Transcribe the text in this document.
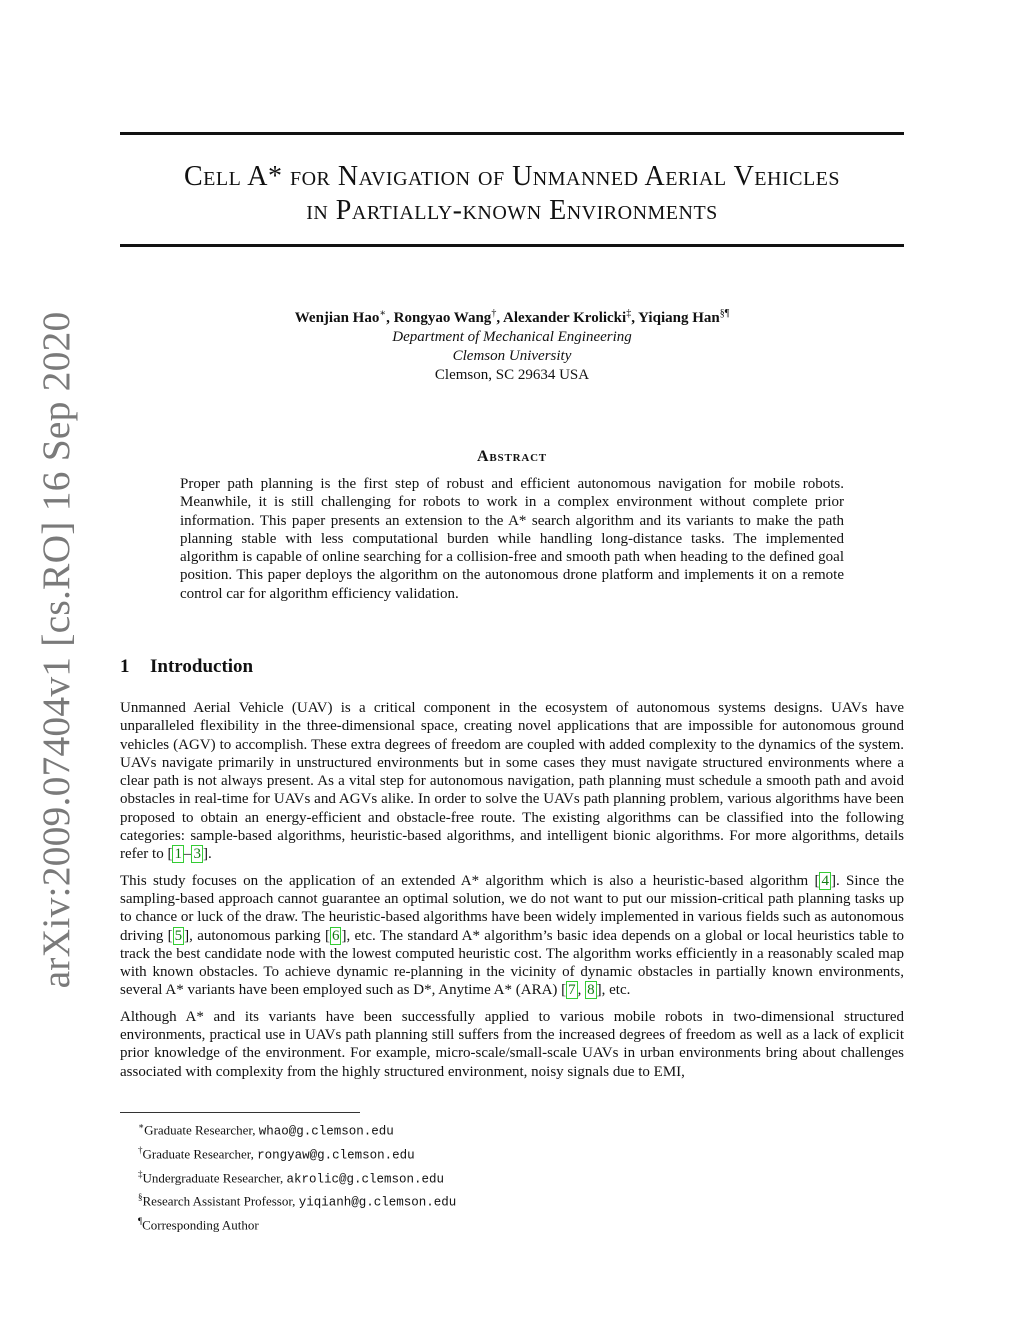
arXiv:2009.07404v1 [cs.RO] 16 Sep 2020
Cell A* for Navigation of Unmanned Aerial Vehicles
in Partially-known Environments
Wenjian Hao∗, Rongyao Wang†, Alexander Krolicki‡, Yiqiang Han§¶
Department of Mechanical Engineering
Clemson University
Clemson, SC 29634 USA
Abstract
Proper path planning is the first step of robust and efficient autonomous navigation for mobile robots. Meanwhile, it is still challenging for robots to work in a complex environment without complete prior information. This paper presents an extension to the A* search algorithm and its variants to make the path planning stable with less computational burden while handling long-distance tasks. The implemented algorithm is capable of online searching for a collision-free and smooth path when heading to the defined goal position. This paper deploys the algorithm on the autonomous drone platform and implements it on a remote control car for algorithm efficiency validation.
1 Introduction

Unmanned Aerial Vehicle (UAV) is a critical component in the ecosystem of autonomous systems designs. UAVs have unparalleled flexibility in the three-dimensional space, creating novel applications that are impossible for autonomous ground vehicles (AGV) to accomplish. These extra degrees of freedom are coupled with added complexity to the dynamics of the system. UAVs navigate primarily in unstructured environments but in some cases they must navigate structured environments where a clear path is not always present. As a vital step for autonomous navigation, path planning must schedule a smooth path and avoid obstacles in real-time for UAVs and AGVs alike. In order to solve the UAVs path planning problem, various algorithms have been proposed to obtain an energy-efficient and obstacle-free route. The existing algorithms can be classified into the following categories: sample-based algorithms, heuristic-based algorithms, and intelligent bionic algorithms. For more algorithms, details refer to [ 1 – 3 ].

This study focuses on the application of an extended A* algorithm which is also a heuristic-based algorithm [ 4 ]. Since the sampling-based approach cannot guarantee an optimal solution, we do not want to put our mission-critical path planning tasks up to chance or luck of the draw. The heuristic-based algorithms have been widely implemented in various fields such as autonomous driving [ 5 ], autonomous parking [ 6 ], etc. The standard A* algorithm’s basic idea depends on a global or local heuristics table to track the best candidate node with the lowest computed heuristic cost. The algorithm works efficiently in a reasonably scaled map with known obstacles. To achieve dynamic re-planning in the vicinity of dynamic obstacles in partially known environments, several A* variants have been employed such as D*, Anytime A* (ARA) [ 7 , 8 ], etc.

Although A* and its variants have been successfully applied to various mobile robots in two-dimensional structured environments, practical use in UAVs path planning still suffers from the increased degrees of freedom as well as a lack of explicit prior knowledge of the environment. For example, micro-scale/small-scale UAVs in urban environments bring about challenges associated with complexity from the highly structured environment, noisy signals due to EMI,

∗Graduate Researcher, whao@g.clemson.edu
†Graduate Researcher, rongyaw@g.clemson.edu
‡Undergraduate Researcher, akrolic@g.clemson.edu
§Research Assistant Professor, yiqianh@g.clemson.edu
¶Corresponding Author
